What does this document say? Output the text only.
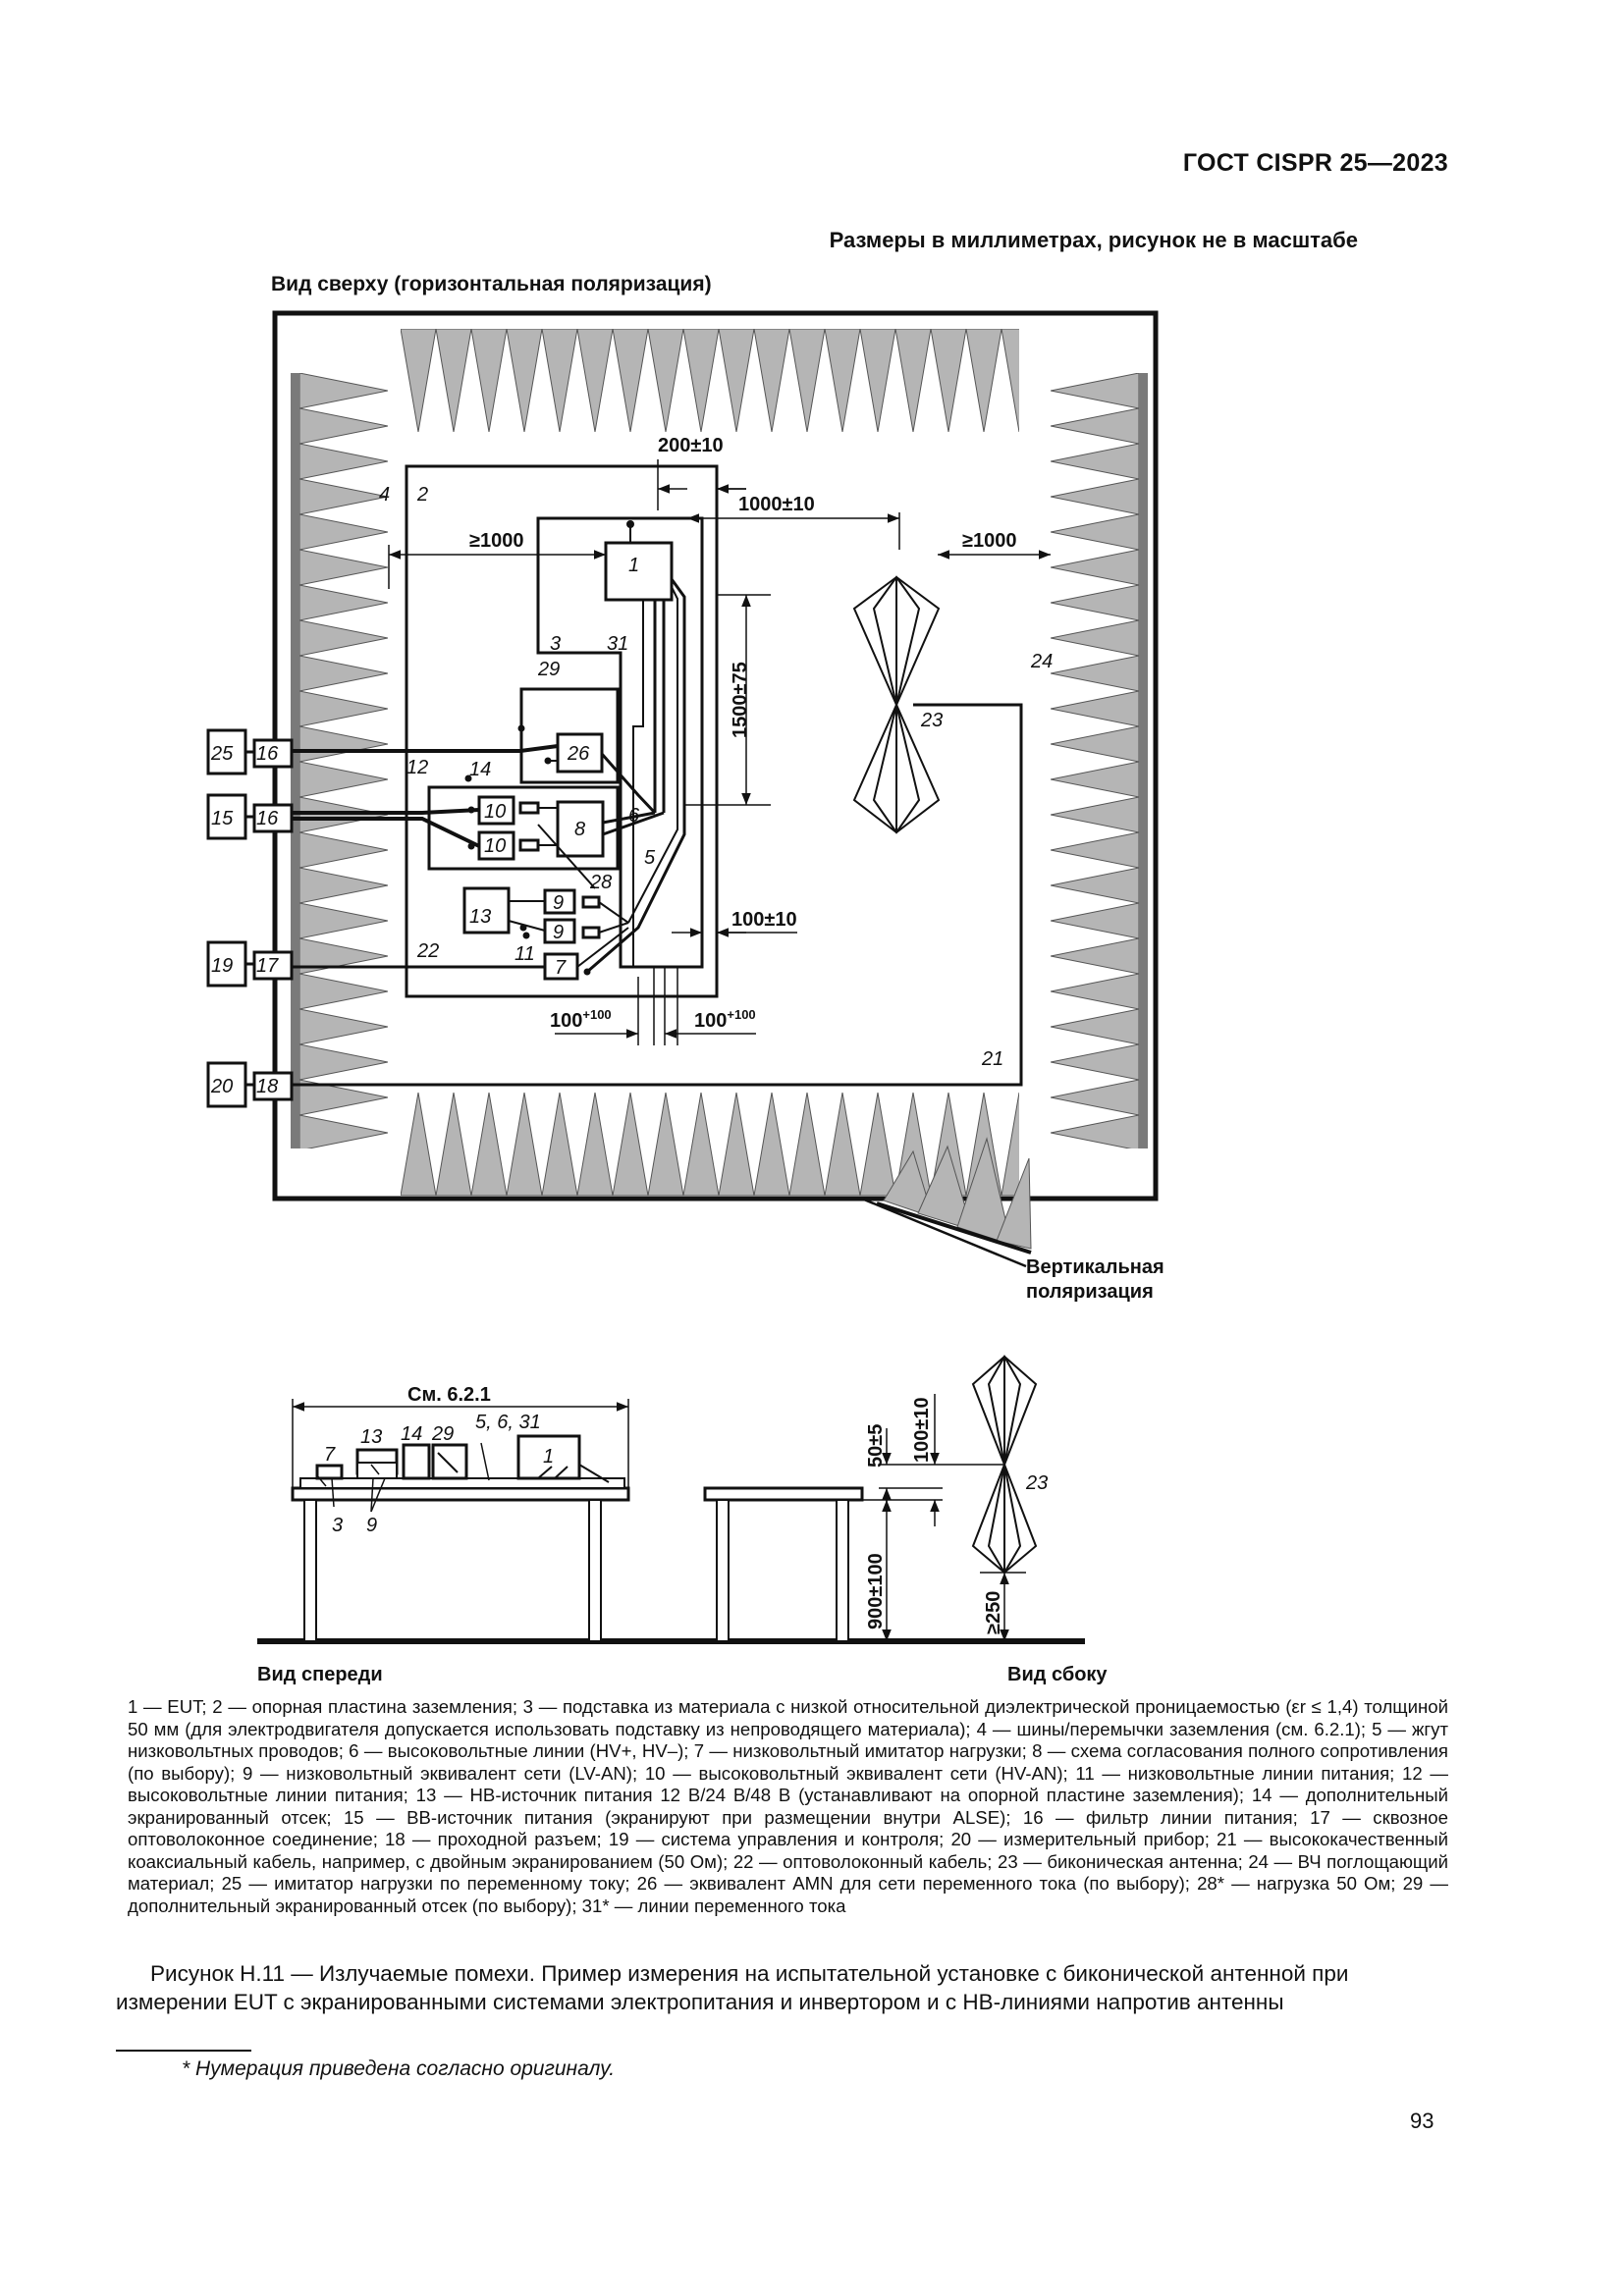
ГОСТ CISPR 25—2023
Размеры в миллиметрах, рисунок не в масштабе
Вид сверху (горизонтальная поляризация)
200±10
1000±10
≥1000	≥1000
1500±75
100±10
$100^{+100}$	$100^{+100}$
Вертикальная
поляризация
1
2
3
4
5
6
7
8
9
9
10
10
11
12
13
14
15
16
16
17
18
19
20
21
22
23
24
25	26
28
29
31
См. 6.2.1
7
13 14 29
5, 6, 31
1
3 9
23
50±5 100±10
900±100	≥250
Вид спереди	Вид сбоку
1 — EUT; 2 — опорная пластина заземления; 3 — подставка из материала с низкой относительной диэлектрической проницаемостью (εr ≤ 1,4) толщиной 50 мм (для электродвигателя допускается использовать подставку из непроводящего материала); 4 — шины/перемычки заземления (см. 6.2.1); 5 — жгут низковольтных проводов; 6 — высоковольтные линии (HV+, HV–); 7 — низковольтный имитатор нагрузки; 8 — схема согласования полного сопротивления (по выбору); 9 — низковольтный эквивалент сети (LV-AN); 10 — высоковольтный эквивалент сети (HV-AN); 11 — низковольтные линии питания; 12 — высоковольтные линии питания; 13 — НВ-источник питания 12 В/24 В/48 В (устанавливают на опорной пластине заземления); 14 — дополнительный экранированный отсек; 15 — ВВ-источник питания (экранируют при размещении внутри ALSE); 16 — фильтр линии питания; 17 — сквозное оптоволоконное соединение; 18 — проходной разъем; 19 — система управления и контроля; 20 — измерительный прибор; 21 — высококачественный коаксиальный кабель, например, с двойным экранированием (50 Ом); 22 — оптоволоконный кабель; 23 — биконическая антенна; 24 — ВЧ поглощающий материал; 25 — имитатор нагрузки по переменному току; 26 — эквивалент AMN для сети переменного тока (по выбору); 28* — нагрузка 50 Ом; 29 — дополнительный экранированный отсек (по выбору); 31* — линии переменного тока
Рисунок Н.11 — Излучаемые помехи. Пример измерения на испытательной установке с биконической антенной при измерении EUT с экранированными системами электропитания и инвертором и с НВ-линиями напротив антенны
* Нумерация приведена согласно оригиналу.
93
